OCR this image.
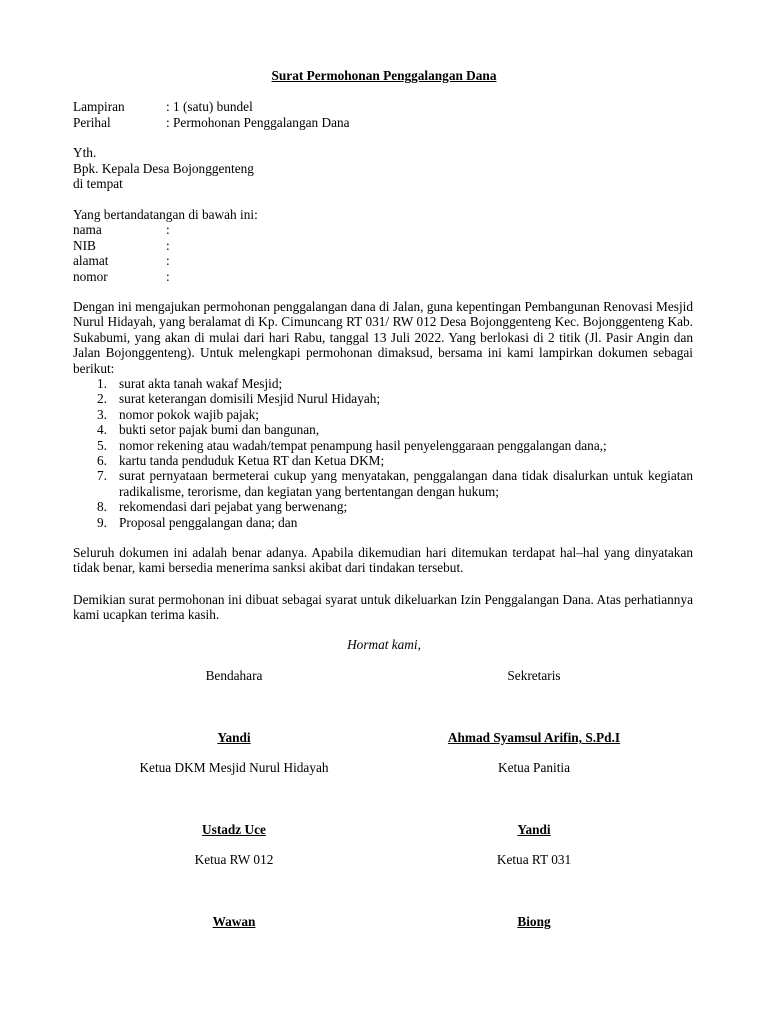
Surat Permohonan Penggalangan Dana
Lampiran	: 1 (satu) bundel
Perihal	: Permohonan Penggalangan Dana
Yth.
Bpk. Kepala Desa Bojonggenteng
di tempat
Yang bertandatangan di bawah ini:
nama	:
NIB	:
alamat	:
nomor	:

Dengan ini mengajukan permohonan penggalangan dana di Jalan, guna kepentingan Pembangunan Renovasi Mesjid Nurul Hidayah, yang beralamat di Kp. Cimuncang RT 031/ RW 012 Desa Bojonggenteng Kec. Bojonggenteng Kab. Sukabumi, yang akan di mulai dari hari Rabu, tanggal 13 Juli 2022. Yang berlokasi di 2 titik (Jl. Pasir Angin dan Jalan Bojonggenteng). Untuk melengkapi permohonan dimaksud, bersama ini kami lampirkan dokumen sebagai berikut:

1. surat akta tanah wakaf Mesjid;
2. surat keterangan domisili Mesjid Nurul Hidayah;
3. nomor pokok wajib pajak;
4. bukti setor pajak bumi dan bangunan,
5. nomor rekening atau wadah/tempat penampung hasil penyelenggaraan penggalangan dana,;
6. kartu tanda penduduk Ketua RT dan Ketua DKM;
7. surat pernyataan bermeterai cukup yang menyatakan, penggalangan dana tidak disalurkan untuk kegiatan radikalisme, terorisme, dan kegiatan yang bertentangan dengan hukum;
8. rekomendasi dari pejabat yang berwenang;
9. Proposal penggalangan dana; dan

Seluruh dokumen ini adalah benar adanya. Apabila dikemudian hari ditemukan terdapat hal–hal yang dinyatakan tidak benar, kami bersedia menerima sanksi akibat dari tindakan tersebut.

Demikian surat permohonan ini dibuat sebagai syarat untuk dikeluarkan Izin Penggalangan Dana. Atas perhatiannya kami ucapkan terima kasih.

Hormat kami,
Bendahara	Sekretaris
Yandi	Ahmad Syamsul Arifin, S.Pd.I
Ketua DKM Mesjid Nurul Hidayah	Ketua Panitia
Ustadz Uce	Yandi
Ketua RW 012	Ketua RT 031
Wawan	Biong
